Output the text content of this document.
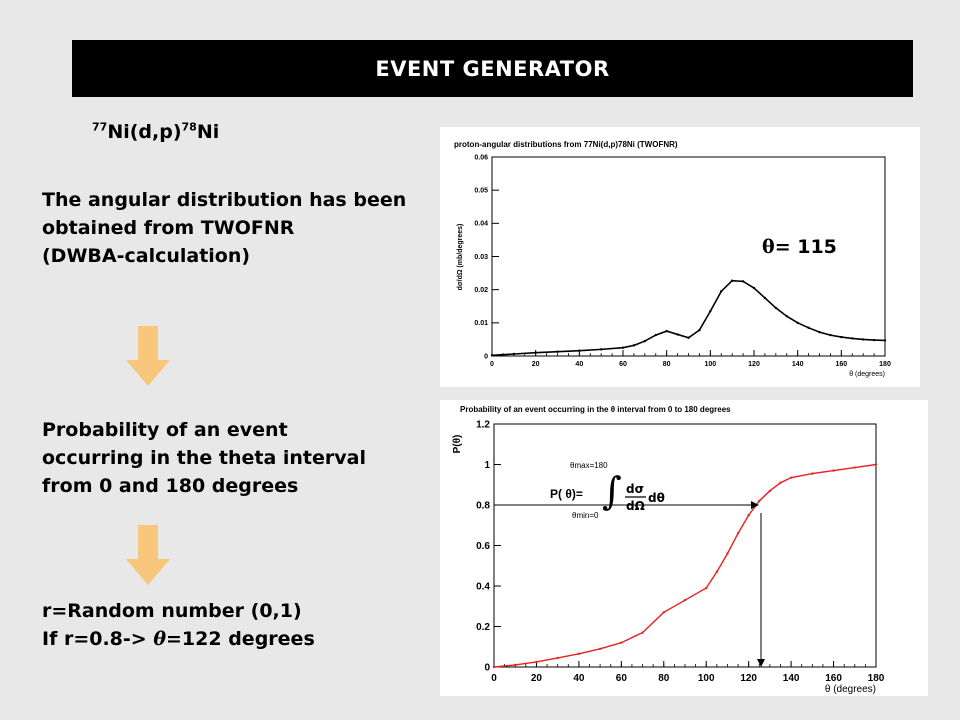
EVENT GENERATOR
$^{77}Ni(d,p)^{78}Ni$
The angular distribution has been
obtained from TWOFNR
(DWBA-calculation)
Probability of an event
occurring in the theta interval
from 0 and 180 degrees
r=Random number (0,1)
If r=0.8-> θ=122 degrees
proton-angular distributions from 77Ni(d,p)78Ni (TWOFNR)
0	20	40	60	80	100	120	140	160	180
0
0.01
0.02
0.03
0.04
0.05
0.06
θ (degrees)
dσ/dΩ (mb/degrees)	θ= 115
Probability of an event occurring in the θ interval from 0 to 180 degrees
0	20	40	60	80	100	120	140	160	180
0
0.2
0.4
0.6
0.8
1
1.2
θ (degrees)
P(θ)
P( θ)=
θmax=180
θmin=0
∫ dσ
dΩ
dθ
